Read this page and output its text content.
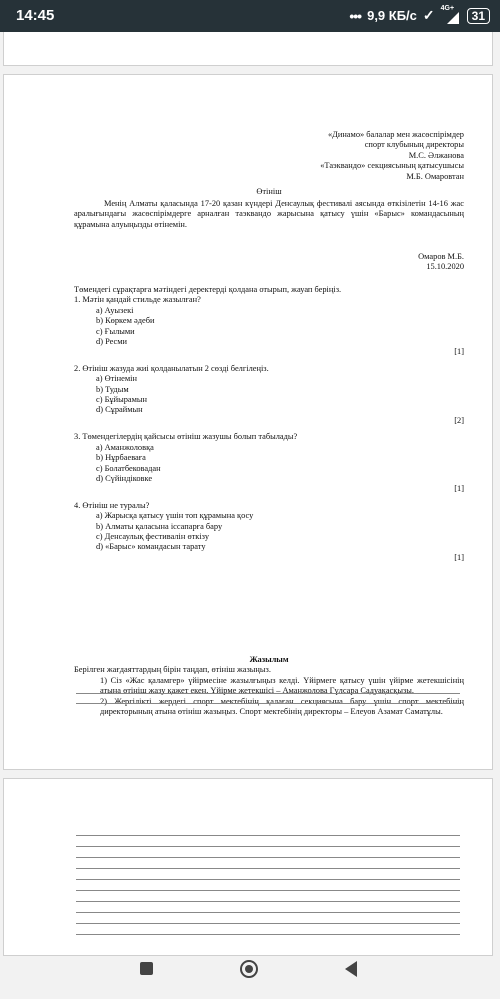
14:45	••• 9,9 КБ/с ✓ 4G+
31
«Динамо» балалар мен жасөспірімдер
спорт клубының директоры
М.С. Әлжанова
«Таэквандо» секциясының қатысушысы
М.Б. Омаровтан
Өтініш
Менің Алматы қаласында 17-20 қазан күндері Денсаулық фестивалі аясында өткізілетін 14-16 жас аралығындағы жасөспірімдерге арналған таэквандо жарысына қатысу үшін «Барыс» командасының құрамына алуыңызды өтінемін.
Омаров М.Б.
15.10.2020
Төмендегі сұрақтарға мәтіндегі деректерді қолдана отырып, жауап беріңіз.
1. Мәтін қандай стильде жазылған?
a) Ауызекі
b) Көркем әдеби
c) Ғылыми
d) Ресми
[1]
2. Өтініш жазуда жиі қолданылатын 2 сөзді белгілеңіз.
a) Өтінемін
b) Тудым
c) Бұйырамын
d) Сұраймын
[2]
3. Төмендегілердің қайсысы өтініш жазушы болып табылады?
a) Аманжоловқа
b) Нұрбаеваға
c) Болатбековадан
d) Сүйіндіковке
[1]
4. Өтініш не туралы?
a) Жарысқа қатысу үшін топ құрамына қосу
b) Алматы қаласына іссапарға бару
c) Денсаулық фестивалін өткізу
d) «Барыс» командасын тарату
[1]
Жазылым
Берілген жағдаяттардың бірін таңдап, өтініш жазыңыз.
1) Сіз «Жас қаламгер» үйірмесіне жазылғыңыз келді. Үйірмеге қатысу үшін үйірме жетекшісінің атына өтініш жазу қажет екен. Үйірме жетекшісі – Аманжолова Гүлсара Садуақасқызы.
2) Жергілікті жердегі спорт мектебінің қалаған секциясына бару үшін спорт мектебінің директорының атына өтініш жазыңыз. Спорт мектебінің директоры – Елеуов Азамат Саматұлы.
